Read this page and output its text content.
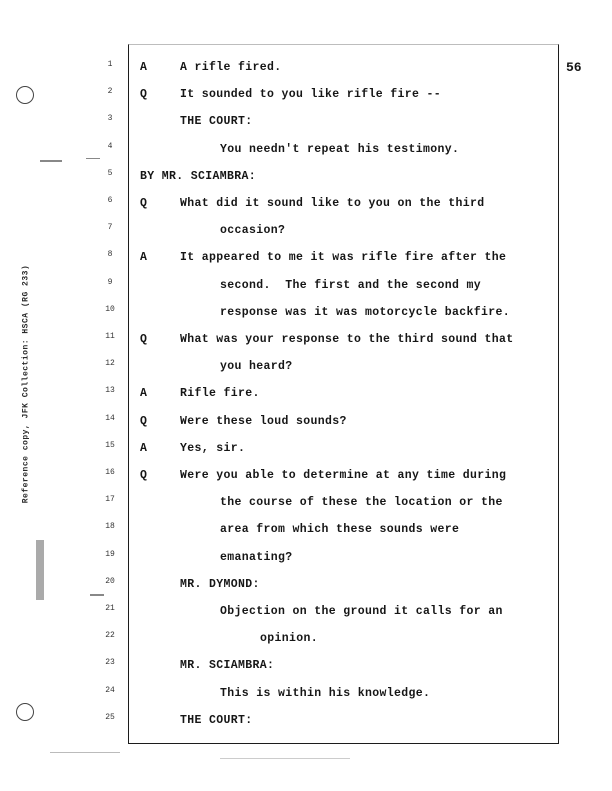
Reference copy, JFK Collection: HSCA (RG 233)
56
1	A	A rifle fired.
2	Q	It sounded to you like rifle fire --
3	THE COURT:
4	You needn't repeat his testimony.
5	BY MR. SCIAMBRA:
6	Q	What did it sound like to you on the third
7	occasion?
8	A	It appeared to me it was rifle fire after the
9	second.  The first and the second my
10	response was it was motorcycle backfire.
11	Q	What was your response to the third sound that
12	you heard?
13	A	Rifle fire.
14	Q	Were these loud sounds?
15	A	Yes, sir.
16	Q	Were you able to determine at any time during
17	the course of these the location or the
18	area from which these sounds were
19	emanating?
20	MR. DYMOND:
21	Objection on the ground it calls for an
22	opinion.
23	MR. SCIAMBRA:
24	This is within his knowledge.
25	THE COURT:
